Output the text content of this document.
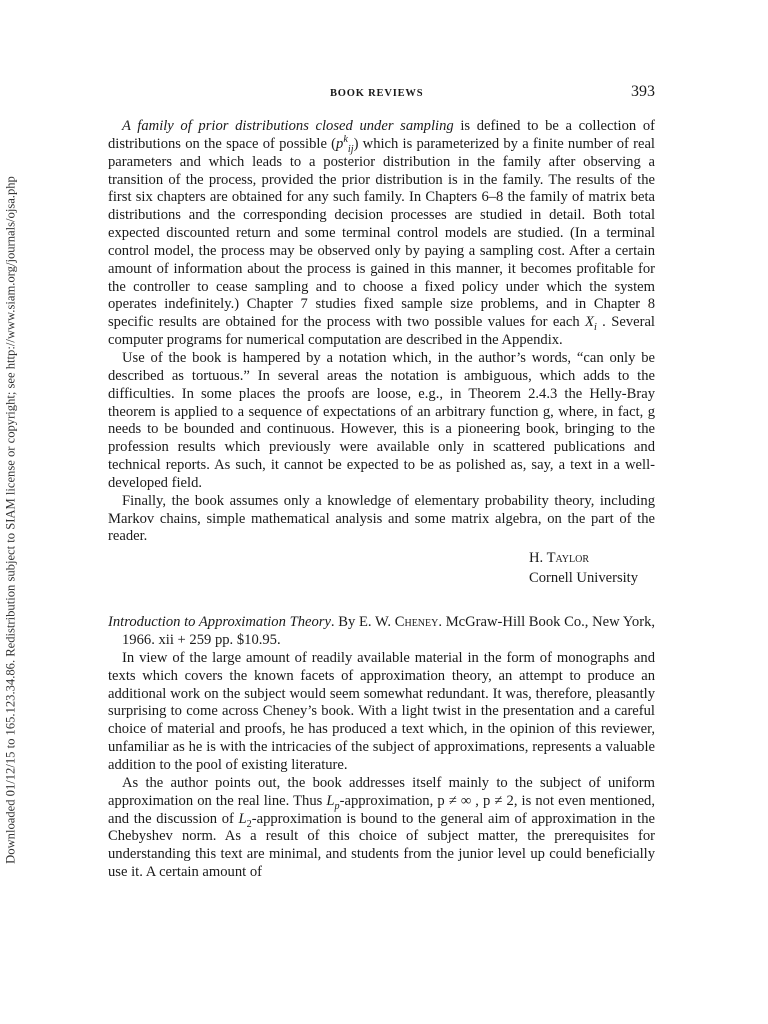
Downloaded 01/12/15 to 165.123.34.86. Redistribution subject to SIAM license or copyright; see http://www.siam.org/journals/ojsa.php
BOOK REVIEWS	393

A family of prior distributions closed under sampling is defined to be a collection of distributions on the space of possible $(p^k_{ij})$ which is parameterized by a finite number of real parameters and which leads to a posterior distribution in the family after observing a transition of the process, provided the prior distribution is in the family. The results of the first six chapters are obtained for any such family. In Chapters 6–8 the family of matrix beta distributions and the corresponding decision processes are studied in detail. Both total expected discounted return and some terminal control models are studied. (In a terminal control model, the process may be observed only by paying a sampling cost. After a certain amount of information about the process is gained in this manner, it becomes profitable for the controller to cease sampling and to choose a fixed policy under which the system operates indefinitely.) Chapter 7 studies fixed sample size problems, and in Chapter 8 specific results are obtained for the process with two possible values for each $X_i$ . Several computer programs for numerical computation are described in the Appendix.

Use of the book is hampered by a notation which, in the author’s words, “can only be described as tortuous.” In several areas the notation is ambiguous, which adds to the difficulties. In some places the proofs are loose, e.g., in Theorem 2.4.3 the Helly-Bray theorem is applied to a sequence of expectations of an arbitrary function g, where, in fact, g needs to be bounded and continuous. However, this is a pioneering book, bringing to the profession results which previously were available only in scattered publications and technical reports. As such, it cannot be expected to be as polished as, say, a text in a well-developed field.

Finally, the book assumes only a knowledge of elementary probability theory, including Markov chains, simple mathematical analysis and some matrix algebra, on the part of the reader.

H. Taylor
Cornell University

Introduction to Approximation Theory. By E. W. Cheney. McGraw-Hill Book Co., New York, 1966. xii + 259 pp. $10.95.

In view of the large amount of readily available material in the form of monographs and texts which covers the known facets of approximation theory, an attempt to produce an additional work on the subject would seem somewhat redundant. It was, therefore, pleasantly surprising to come across Cheney’s book. With a light twist in the presentation and a careful choice of material and proofs, he has produced a text which, in the opinion of this reviewer, unfamiliar as he is with the intricacies of the subject of approximations, represents a valuable addition to the pool of existing literature.

As the author points out, the book addresses itself mainly to the subject of uniform approximation on the real line. Thus $L_p$-approximation, p ≠ ∞ , p ≠ 2, is not even mentioned, and the discussion of $L_2$-approximation is bound to the general aim of approximation in the Chebyshev norm. As a result of this choice of subject matter, the prerequisites for understanding this text are minimal, and students from the junior level up could beneficially use it. A certain amount of
